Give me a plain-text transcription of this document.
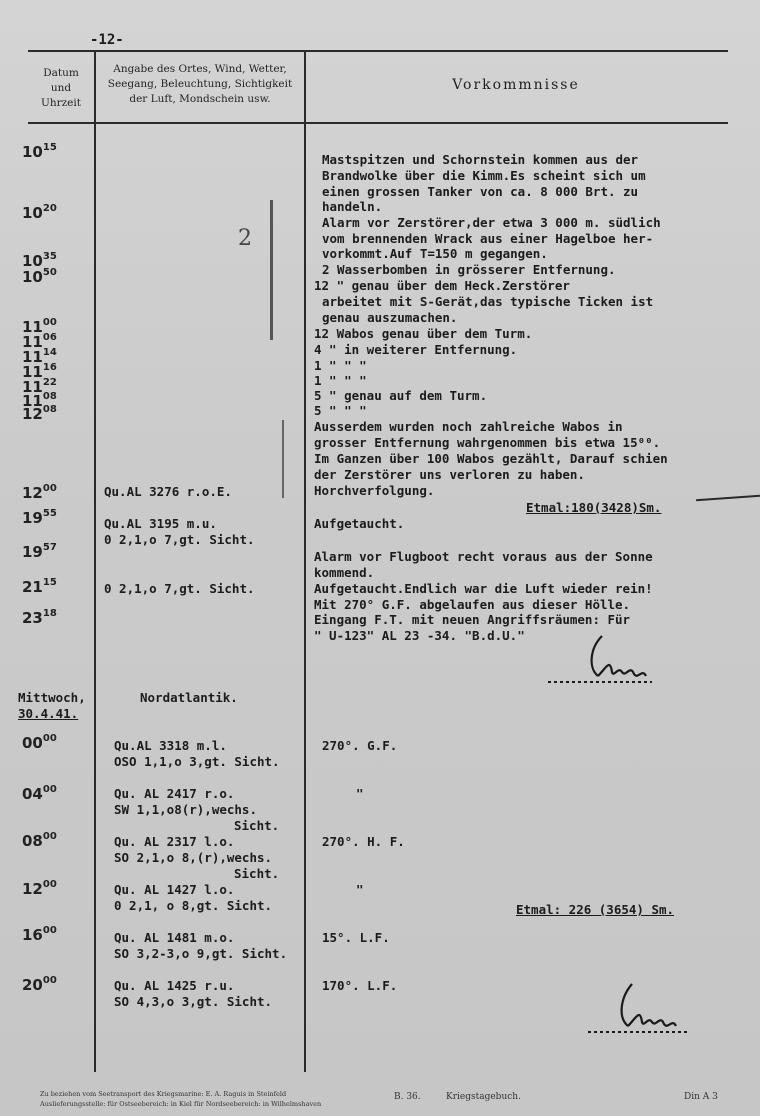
-12-
Datum
und
Uhrzeit
Angabe des Ortes, Wind, Wetter,
Seegang, Beleuchtung, Sichtigkeit
der Luft, Mondschein usw.
Vorkommnisse
$10^{15}$
$10^{20}$
$10^{35}$
$10^{50}$
$11^{00}$
$11^{06}$
$11^{14}$
$11^{16}$
$11^{22}$
$11^{08}$
$12^{08}$
$12^{00}$
$19^{55}$
$19^{57}$
$21^{15}$
$23^{18}$
$00^{00}$
$04^{00}$
$08^{00}$
$12^{00}$
$16^{00}$
$20^{00}$
Mittwoch,
30.4.41.
Mastspitzen und Schornstein kommen aus der
Brandwolke über die Kimm.Es scheint sich um
einen grossen Tanker von ca. 8 000 Brt. zu
handeln.
Alarm vor Zerstörer,der etwa 3 000 m. südlich
vom brennenden Wrack aus einer Hagelboe her-
vorkommt.Auf T=150 m gegangen.
2 Wasserbomben in grösserer Entfernung.
12 " genau über dem Heck.Zerstörer
arbeitet mit S-Gerät,das typische Ticken ist
genau auszumachen.
12 Wabos genau über dem Turm.
4 " in weiterer Entfernung.
1 " " "
1 " " "
5 " genau auf dem Turm.
5 " " "
Ausserdem wurden noch zahlreiche Wabos in
grosser Entfernung wahrgenommen bis etwa 15⁰⁰.
Im Ganzen über 100 Wabos gezählt, Darauf schien
der Zerstörer uns verloren zu haben.
Horchverfolgung.
Etmal:180(3428)Sm.
Aufgetaucht.
Alarm vor Flugboot recht voraus aus der Sonne
kommend.
Aufgetaucht.Endlich war die Luft wieder rein!
Mit 270° G.F. abgelaufen aus dieser Hölle.
Eingang F.T. mit neuen Angriffsräumen: Für
" U-123" AL 23 -34. "B.d.U."
Nordatlantik.
Etmal: 226 (3654) Sm.
Qu.AL 3276 r.o.E.
Qu.AL 3195 m.u.
0 2,1,o 7,gt. Sicht.
0 2,1,o 7,gt. Sicht.
Qu.AL 3318 m.l.
OSO 1,1,o 3,gt. Sicht.
Qu. AL 2417 r.o.
SW 1,1,o8(r),wechs.
Sicht.
Qu. AL 2317 l.o.
SO 2,1,o 8,(r),wechs.
Sicht.
Qu. AL 1427 l.o.
0 2,1, o 8,gt. Sicht.
Qu. AL 1481 m.o.
SO 3,2-3,o 9,gt. Sicht.
Qu. AL 1425 r.u.
SO 4,3,o 3,gt. Sicht.
270°. G.F.
"
270°. H. F.
"
15°. L.F.
170°. L.F.
2
Zu beziehen vom Seetransport des Kriegsmarine: E. A. Raguis in Steinfeld
Auslieferungsstelle: für Ostseebereich: in Kiel für Nordseebereich: in Wilhelmshaven
B. 36.	Kriegstagebuch.	Din A 3
